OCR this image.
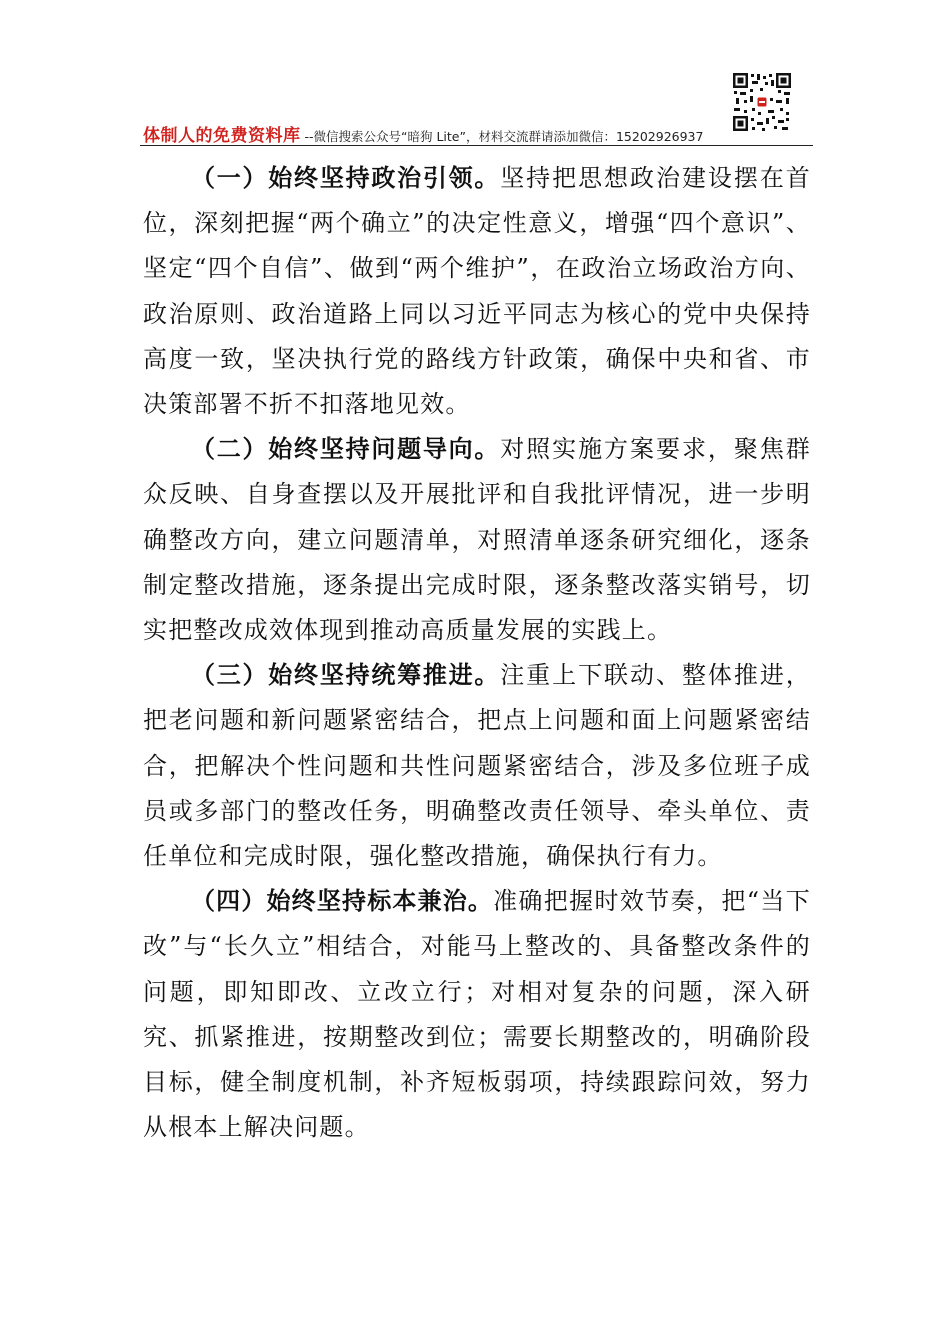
体制人的免费资料库 --微信搜索公众号“暗狗 Lite”，材料交流群请添加微信：15202926937

（一）始终坚持政治引领。坚持把思想政治建设摆在首位，深刻把握“两个确立”的决定性意义，增强“四个意识”、坚定“四个自信”、做到“两个维护”，在政治立场政治方向、政治原则、政治道路上同以习近平同志为核心的党中央保持高度一致，坚决执行党的路线方针政策，确保中央和省、市决策部署不折不扣落地见效。

（二）始终坚持问题导向。对照实施方案要求，聚焦群众反映、自身查摆以及开展批评和自我批评情况，进一步明确整改方向，建立问题清单，对照清单逐条研究细化，逐条制定整改措施，逐条提出完成时限，逐条整改落实销号，切实把整改成效体现到推动高质量发展的实践上。

（三）始终坚持统筹推进。注重上下联动、整体推进，把老问题和新问题紧密结合，把点上问题和面上问题紧密结合，把解决个性问题和共性问题紧密结合，涉及多位班子成员或多部门的整改任务，明确整改责任领导、牵头单位、责任单位和完成时限，强化整改措施，确保执行有力。

（四）始终坚持标本兼治。准确把握时效节奏，把“当下改”与“长久立”相结合，对能马上整改的、具备整改条件的问题，即知即改、立改立行；对相对复杂的问题，深入研究、抓紧推进，按期整改到位；需要长期整改的，明确阶段目标，健全制度机制，补齐短板弱项，持续跟踪问效，努力从根本上解决问题。
